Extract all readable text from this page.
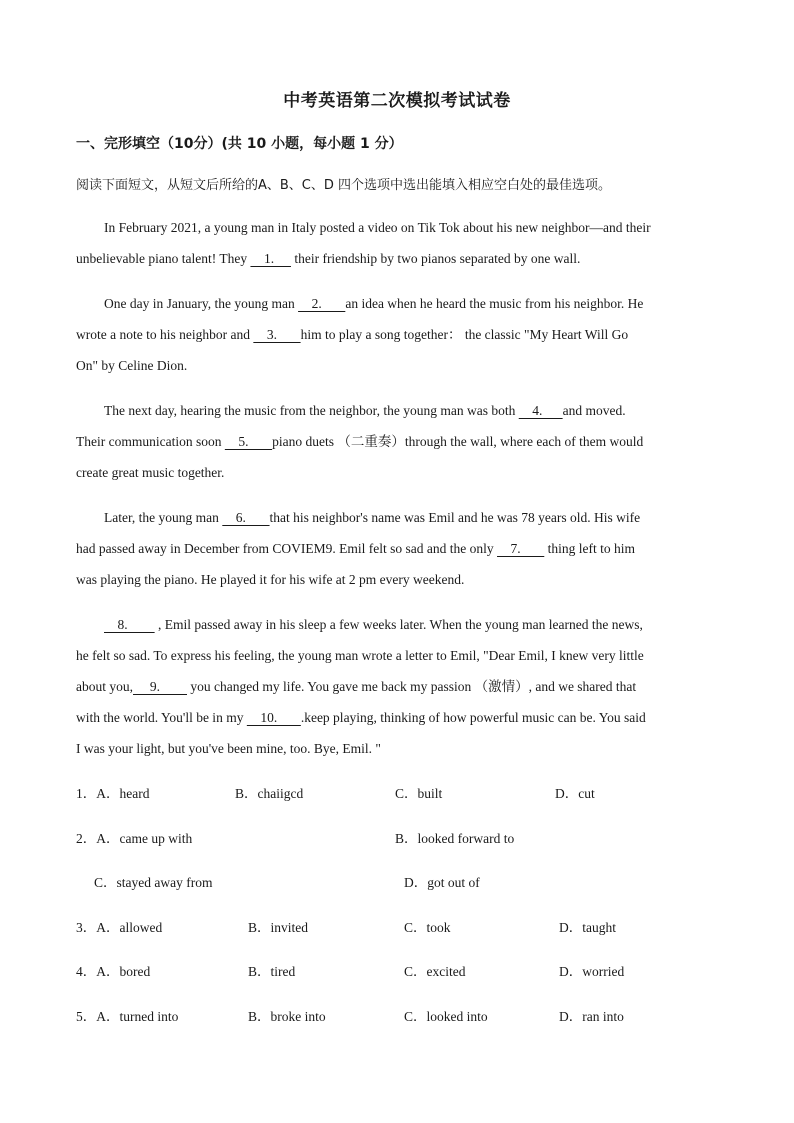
中考英语第二次模拟考试试卷
一、完形填空（10分）(共 10 小题，每小题 1 分）
阅读下面短文，从短文后所给的A、B、C、D 四个选项中选出能填入相应空白处的最佳选项。
In February 2021, a young man in Italy posted a video on Tik Tok about his new neighbor—and their
unbelievable piano talent! They     1.      their friendship by two pianos separated by one wall.
One day in January, the young man     2.       an idea when he heard the music from his neighbor. He
wrote a note to his neighbor and     3.       him to play a song together： the classic "My Heart Will Go
On" by Celine Dion.
The next day, hearing the music from the neighbor, the young man was both     4.      and moved.
Their communication soon     5.       piano duets （二重奏）through the wall, where each of them would
create great music together.
Later, the young man     6.       that his neighbor's name was Emil and he was 78 years old. His wife
had passed away in December from COVIEM9. Emil felt so sad and the only     7.        thing left to him
was playing the piano. He played it for his wife at 2 pm every weekend.
8.         , Emil passed away in his sleep a few weeks later. When the young man learned the news,
he felt so sad. To express his feeling, the young man wrote a letter to Emil, "Dear Emil, I knew very little
about you,     9.         you changed my life. You gave me back my passion （激情）, and we shared that
with the world. You'll be in my     10.       .keep playing, thinking of how powerful music can be. You said
I was your light, but you've been mine, too. Bye, Emil. "
1．A．heard	B．chaiigcd	C．built	D．cut
2．A．came up with	B．looked forward to
C．stayed away from	D．got out of
3．A．allowed	B．invited	C．took	D．taught
4．A．bored	B．tired	C．excited	D．worried
5．A．turned into	B．broke into	C．looked into	D．ran into
